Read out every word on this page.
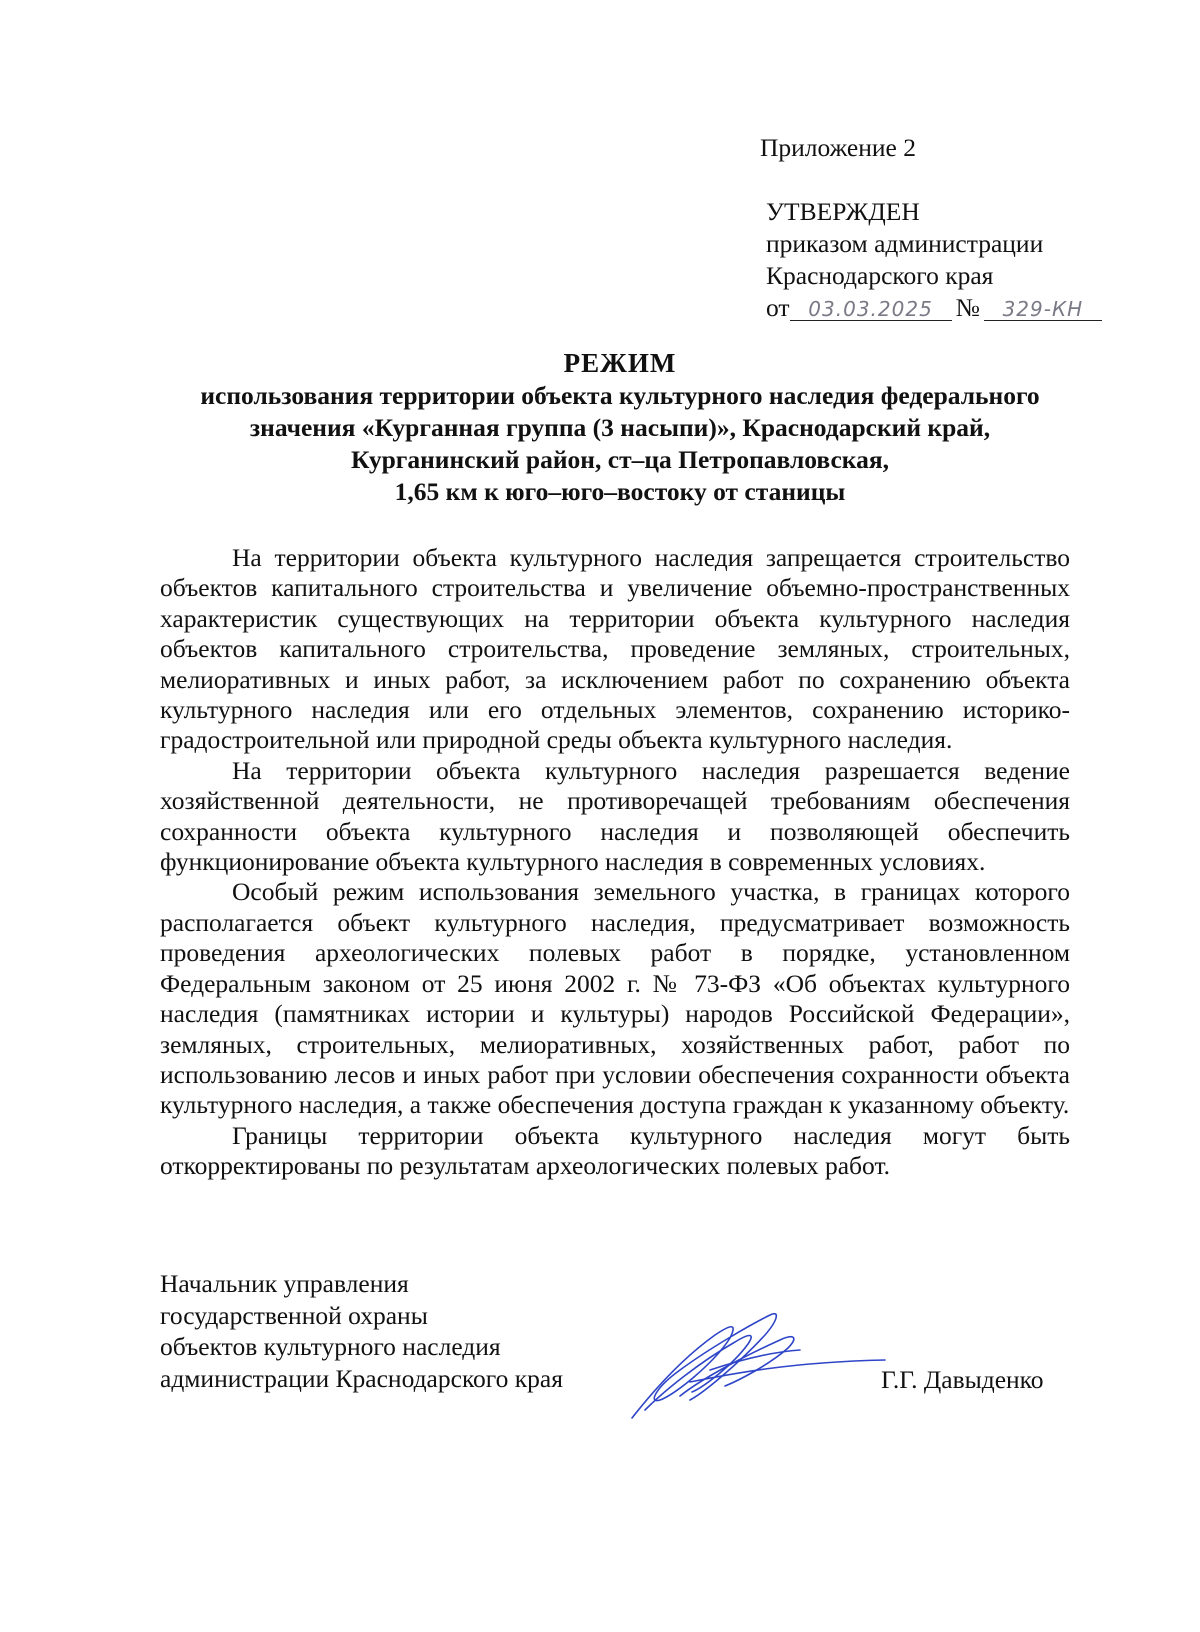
Приложение 2
УТВЕРЖДЕН
приказом администрации
Краснодарского края
от 03.03.2025 № 329-КН
РЕЖИМ
использования территории объекта культурного наследия федерального
значения «Курганная группа (3 насыпи)», Краснодарский край,
Курганинский район, ст–ца Петропавловская,
1,65 км к юго–юго–востоку от станицы

На территории объекта культурного наследия запрещается строительство объектов капитального строительства и увеличение объемно-пространственных характеристик существующих на территории объекта культурного наследия объектов капитального строительства, проведение земляных, строительных, мелиоративных и иных работ, за исключением работ по сохранению объекта культурного наследия или его отдельных элементов, сохранению историко-градостроительной или природной среды объекта культурного наследия.

На территории объекта культурного наследия разрешается ведение хозяйственной деятельности, не противоречащей требованиям обеспечения сохранности объекта культурного наследия и позволяющей обеспечить функционирование объекта культурного наследия в современных условиях.

Особый режим использования земельного участка, в границах которого располагается объект культурного наследия, предусматривает возможность проведения археологических полевых работ в порядке, установленном Федеральным законом от 25 июня 2002 г. № 73-ФЗ «Об объектах культурного наследия (памятниках истории и культуры) народов Российской Федерации», земляных, строительных, мелиоративных, хозяйственных работ, работ по использованию лесов и иных работ при условии обеспечения сохранности объекта культурного наследия, а также обеспечения доступа граждан к указанному объекту.

Границы территории объекта культурного наследия могут быть откорректированы по результатам археологических полевых работ.

Начальник управления
государственной охраны
объектов культурного наследия
администрации Краснодарского края	Г.Г. Давыденко
